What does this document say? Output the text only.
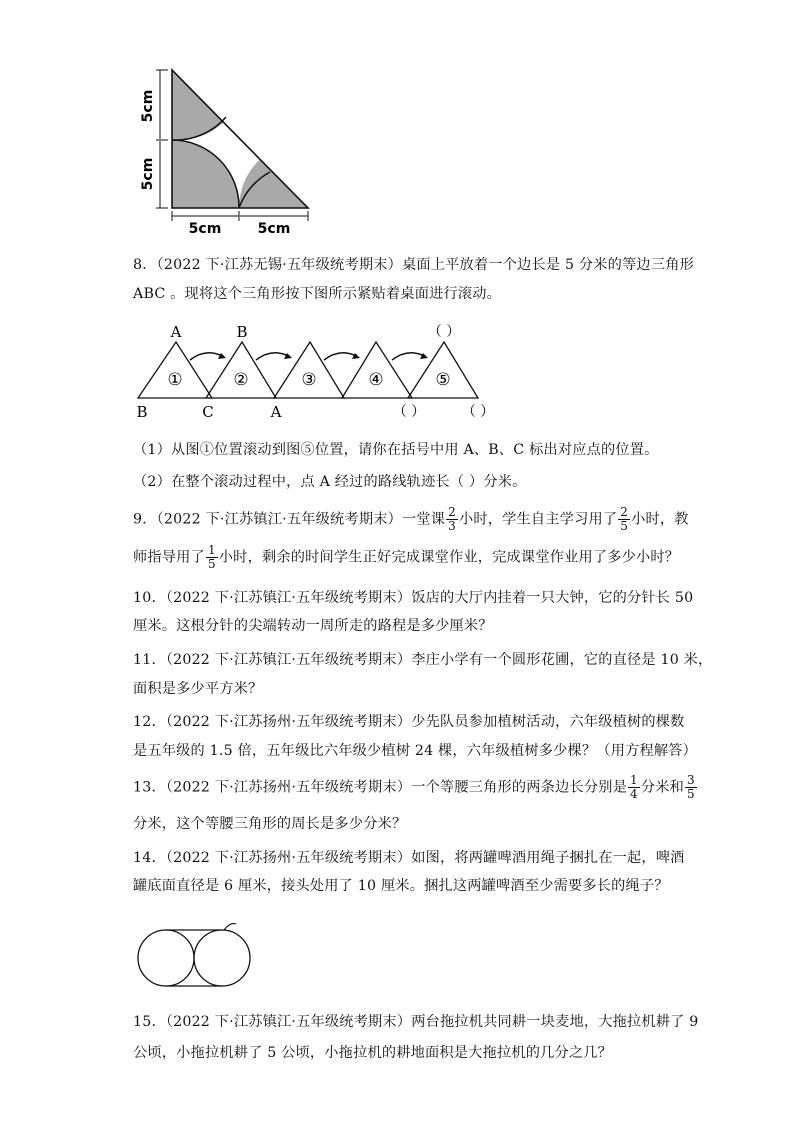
5cm
5cm
5cm	5cm
8．（2022 下·江苏无锡·五年级统考期末）桌面上平放着一个边长是 5 分米的等边三角形
ABC 。现将这个三角形按下图所示紧贴着桌面进行滚动。
①	②	③	④	⑤
A	B	（ ）
B	C	A	（ ）	（ ）
（1）从图①位置滚动到图⑤位置，请你在括号中用 A、B、C 标出对应点的位置。
（2）在整个滚动过程中，点 A 经过的路线轨迹长（ ）分米。
9．（2022 下·江苏镇江·五年级统考期末）一堂课 $\frac{2}{3}$ 小时，学生自主学习用了 $\frac{2}{5}$ 小时，教
师指导用了 $\frac{1}{5}$ 小时，剩余的时间学生正好完成课堂作业，完成课堂作业用了多少小时？
10．（2022 下·江苏镇江·五年级统考期末）饭店的大厅内挂着一只大钟，它的分针长 50
厘米。这根分针的尖端转动一周所走的路程是多少厘米？
11．（2022 下·江苏镇江·五年级统考期末）李庄小学有一个圆形花圃，它的直径是 10 米，
面积是多少平方米？
12．（2022 下·江苏扬州·五年级统考期末）少先队员参加植树活动，六年级植树的棵数
是五年级的 1.5 倍，五年级比六年级少植树 24 棵，六年级植树多少棵？（用方程解答）
13．（2022 下·江苏扬州·五年级统考期末）一个等腰三角形的两条边长分别是 $\frac{1}{4}$ 分米和 $\frac{3}{5}$
分米，这个等腰三角形的周长是多少分米？
14．（2022 下·江苏扬州·五年级统考期末）如图，将两罐啤酒用绳子捆扎在一起，啤酒
罐底面直径是 6 厘米，接头处用了 10 厘米。捆扎这两罐啤酒至少需要多长的绳子？
15．（2022 下·江苏镇江·五年级统考期末）两台拖拉机共同耕一块麦地，大拖拉机耕了 9
公顷，小拖拉机耕了 5 公顷，小拖拉机的耕地面积是大拖拉机的几分之几？
